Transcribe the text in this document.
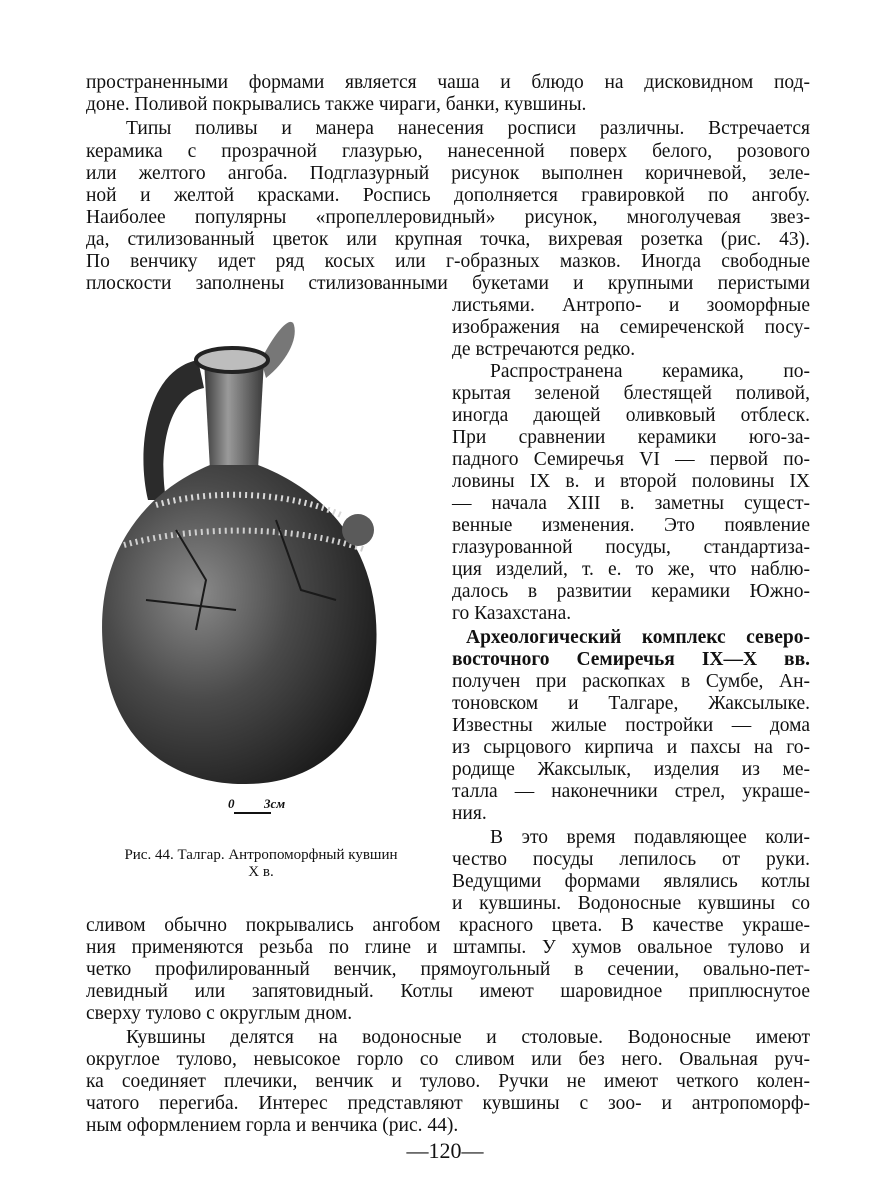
пространенными формами является чаша и блюдо на дисковидном под-
доне. Поливой покрывались также чираги, банки, кувшины.
Типы поливы и манера нанесения росписи различны. Встречается
керамика с прозрачной глазурью, нанесенной поверх белого, розового
или желтого ангоба. Подглазурный рисунок выполнен коричневой, зеле-
ной и желтой красками. Роспись дополняется гравировкой по ангобу.
Наиболее популярны «пропеллеровидный» рисунок, многолучевая звез-
да, стилизованный цветок или крупная точка, вихревая розетка (рис. 43).
По венчику идет ряд косых или г-образных мазков. Иногда свободные
плоскости заполнены стилизованными букетами и крупными перистыми
листьями. Антропо- и зооморфные
изображения на семиреченской посу-
де встречаются редко.
Распространена керамика, по-
крытая зеленой блестящей поливой,
иногда дающей оливковый отблеск.
При сравнении керамики юго-за-
падного Семиречья VI — первой по-
ловины IX в. и второй половины IX
— начала XIII в. заметны сущест-
венные изменения. Это появление
глазурованной посуды, стандартиза-
ция изделий, т. е. то же, что наблю-
далось в развитии керамики Южно-
го Казахстана.
Археологический комплекс северо-
восточного Семиречья IX—X вв.
получен при раскопках в Сумбе, Ан-
тоновском и Талгаре, Жаксылыке.
Известны жилые постройки — дома
из сырцового кирпича и пахсы на го-
родище Жаксылык, изделия из ме-
талла — наконечники стрел, украше-
ния.
В это время подавляющее коли-
чество посуды лепилось от руки.
Ведущими формами являлись котлы
и кувшины. Водоносные кувшины со
сливом обычно покрывались ангобом красного цвета. В качестве украше-
ния применяются резьба по глине и штампы. У хумов овальное тулово и
четко профилированный венчик, прямоугольный в сечении, овально-пет-
левидный или запятовидный. Котлы имеют шаровидное приплюснутое
сверху тулово с округлым дном.
Кувшины делятся на водоносные и столовые. Водоносные имеют
округлое тулово, невысокое горло со сливом или без него. Овальная руч-
ка соединяет плечики, венчик и тулово. Ручки не имеют четкого колен-
чатого перегиба. Интерес представляют кувшины с зоо- и антропоморф-
ным оформлением горла и венчика (рис. 44).
0 3см
Рис. 44. Талгар. Антропоморфный кувшин
X в.
—120—
